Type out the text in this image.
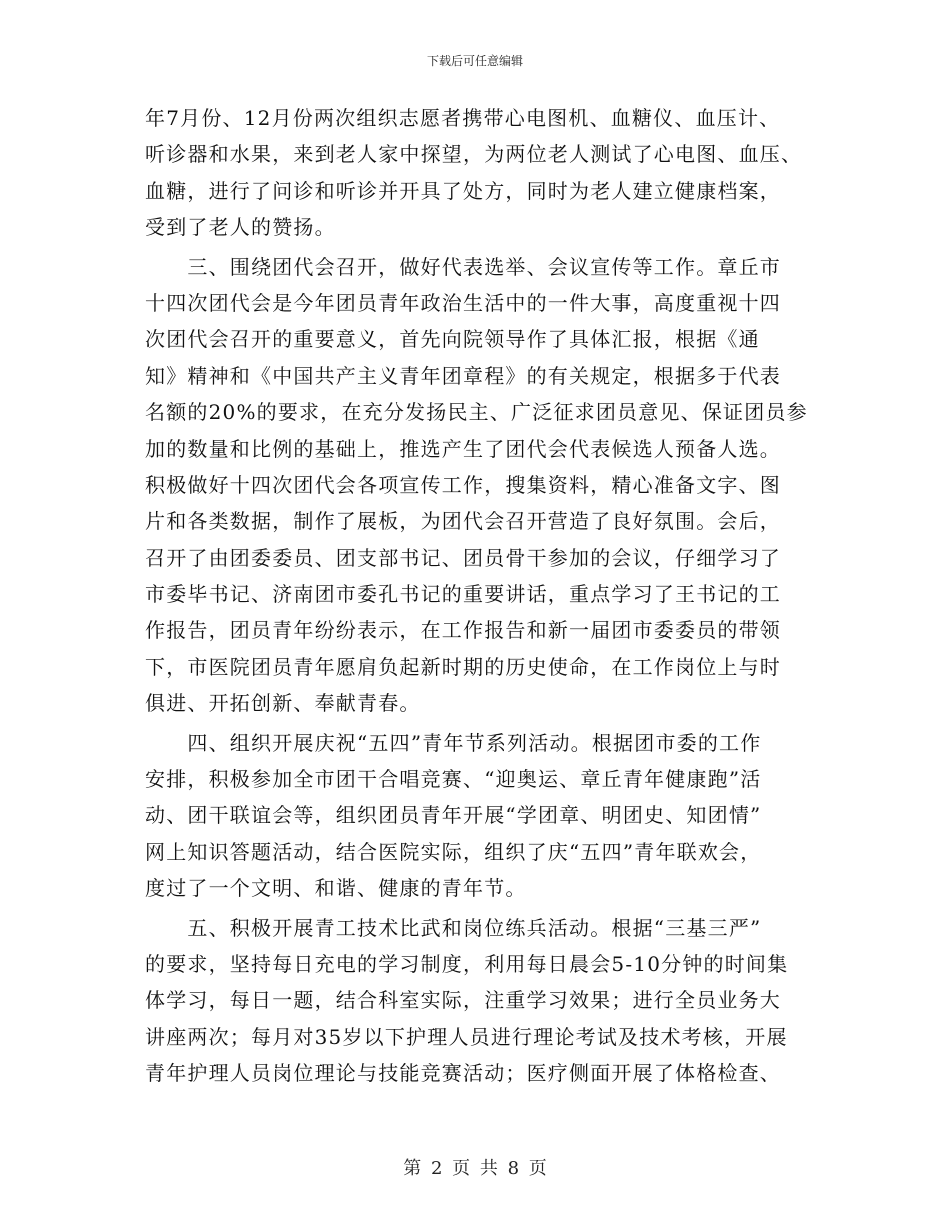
下载后可任意编辑
年7月份、12月份两次组织志愿者携带心电图机、血糖仪、血压计、
听诊器和水果，来到老人家中探望，为两位老人测试了心电图、血压、
血糖，进行了问诊和听诊并开具了处方，同时为老人建立健康档案，
受到了老人的赞扬。
　　三、围绕团代会召开，做好代表选举、会议宣传等工作。章丘市
十四次团代会是今年团员青年政治生活中的一件大事，高度重视十四
次团代会召开的重要意义，首先向院领导作了具体汇报，根据《通
知》精神和《中国共产主义青年团章程》的有关规定，根据多于代表
名额的20%的要求，在充分发扬民主、广泛征求团员意见、保证团员参
加的数量和比例的基础上，推选产生了团代会代表候选人预备人选。
积极做好十四次团代会各项宣传工作，搜集资料，精心准备文字、图
片和各类数据，制作了展板，为团代会召开营造了良好氛围。会后，
召开了由团委委员、团支部书记、团员骨干参加的会议，仔细学习了
市委毕书记、济南团市委孔书记的重要讲话，重点学习了王书记的工
作报告，团员青年纷纷表示，在工作报告和新一届团市委委员的带领
下，市医院团员青年愿肩负起新时期的历史使命，在工作岗位上与时
俱进、开拓创新、奉献青春。
　　四、组织开展庆祝“五四”青年节系列活动。根据团市委的工作
安排，积极参加全市团干合唱竞赛、“迎奥运、章丘青年健康跑”活
动、团干联谊会等，组织团员青年开展“学团章、明团史、知团情”
网上知识答题活动，结合医院实际，组织了庆“五四”青年联欢会，
度过了一个文明、和谐、健康的青年节。
　　五、积极开展青工技术比武和岗位练兵活动。根据“三基三严”
的要求，坚持每日充电的学习制度，利用每日晨会5-10分钟的时间集
体学习，每日一题，结合科室实际，注重学习效果；进行全员业务大
讲座两次；每月对35岁以下护理人员进行理论考试及技术考核，开展
青年护理人员岗位理论与技能竞赛活动；医疗侧面开展了体格检查、
第 2 页 共 8 页
